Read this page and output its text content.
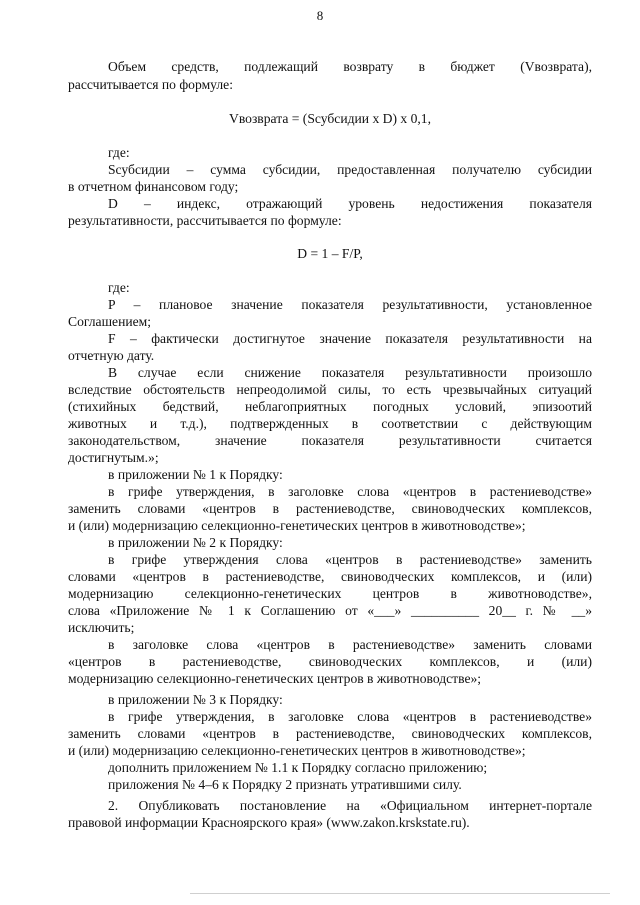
8
Объем средств, подлежащий возврату в бюджет (Vвозврата),
рассчитывается по формуле:
Vвозврата = (Sсубсидии x D) x 0,1,
где:
Sсубсидии – сумма субсидии, предоставленная получателю субсидии
в отчетном финансовом году;
D – индекс, отражающий уровень недостижения показателя
результативности, рассчитывается по формуле:
D = 1 – F/P,
где:
P – плановое значение показателя результативности, установленное
Соглашением;
F – фактически достигнутое значение показателя результативности на
отчетную дату.
В случае если снижение показателя результативности произошло
вследствие обстоятельств непреодолимой силы, то есть чрезвычайных ситуаций
(стихийных бедствий, неблагоприятных погодных условий, эпизоотий
животных и т.д.), подтвержденных в соответствии с действующим
законодательством, значение показателя результативности считается
достигнутым.»;
в приложении № 1 к Порядку:
в грифе утверждения, в заголовке слова «центров в растениеводстве»
заменить словами «центров в растениеводстве, свиноводческих комплексов,
и (или) модернизацию селекционно-генетических центров в животноводстве»;
в приложении № 2 к Порядку:
в грифе утверждения слова «центров в растениеводстве» заменить
словами «центров в растениеводстве, свиноводческих комплексов, и (или)
модернизацию селекционно-генетических центров в животноводстве»,
слова «Приложение № 1 к Соглашению от «___» __________ 20__ г. № __»
исключить;
в заголовке слова «центров в растениеводстве» заменить словами
«центров в растениеводстве, свиноводческих комплексов, и (или)
модернизацию селекционно-генетических центров в животноводстве»;
в приложении № 3 к Порядку:
в грифе утверждения, в заголовке слова «центров в растениеводстве»
заменить словами «центров в растениеводстве, свиноводческих комплексов,
и (или) модернизацию селекционно-генетических центров в животноводстве»;
дополнить приложением № 1.1 к Порядку согласно приложению;
приложения № 4–6 к Порядку 2 признать утратившими силу.
2. Опубликовать постановление на «Официальном интернет-портале
правовой информации Красноярского края» (www.zakon.krskstate.ru).
